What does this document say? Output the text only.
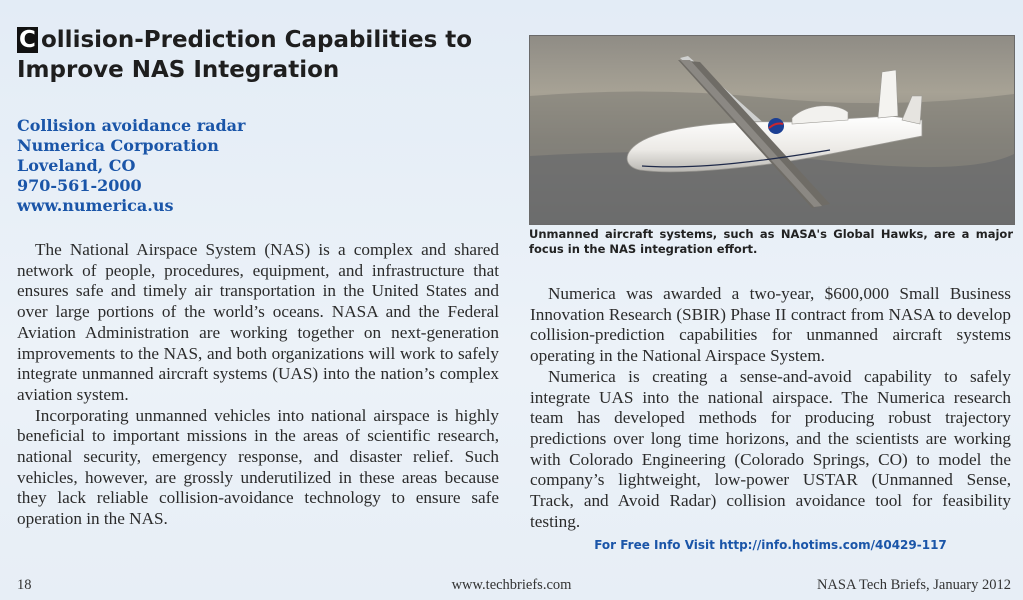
C ollision-Prediction Capabilities to
Improve NAS Integration
Collision avoidance radar
Numerica Corporation
Loveland, CO
970-561-2000
www.numerica.us

The National Airspace System (NAS) is a complex and shared network of people, procedures, equipment, and infrastructure that ensures safe and timely air transportation in the United States and over large portions of the world’s oceans. NASA and the Federal Aviation Administration are working together on next-generation improvements to the NAS, and both organizations will work to safely integrate unmanned aircraft systems (UAS) into the nation’s complex aviation system.

Incorporating unmanned vehicles into national airspace is highly beneficial to important missions in the areas of scientific research, national security, emergency response, and disaster relief. Such vehicles, however, are grossly underutilized in these areas because they lack reliable collision-avoidance technology to ensure safe operation in the NAS.

Unmanned aircraft systems, such as NASA's Global Hawks, are a major focus in the NAS integration effort.

Numerica was awarded a two-year, $600,000 Small Business Innovation Research (SBIR) Phase II contract from NASA to develop collision-prediction capabilities for unmanned aircraft systems operating in the National Airspace System.

Numerica is creating a sense-and-avoid capability to safely integrate UAS into the national airspace. The Numerica research team has developed methods for producing robust trajectory predictions over long time horizons, and the scientists are working with Colorado Engineering (Colorado Springs, CO) to model the company’s lightweight, low-power USTAR (Unmanned Sense, Track, and Avoid Radar) collision avoidance tool for feasibility testing.

For Free Info Visit http://info.hotims.com/40429-117
18	www.techbriefs.com	NASA Tech Briefs, January 2012
